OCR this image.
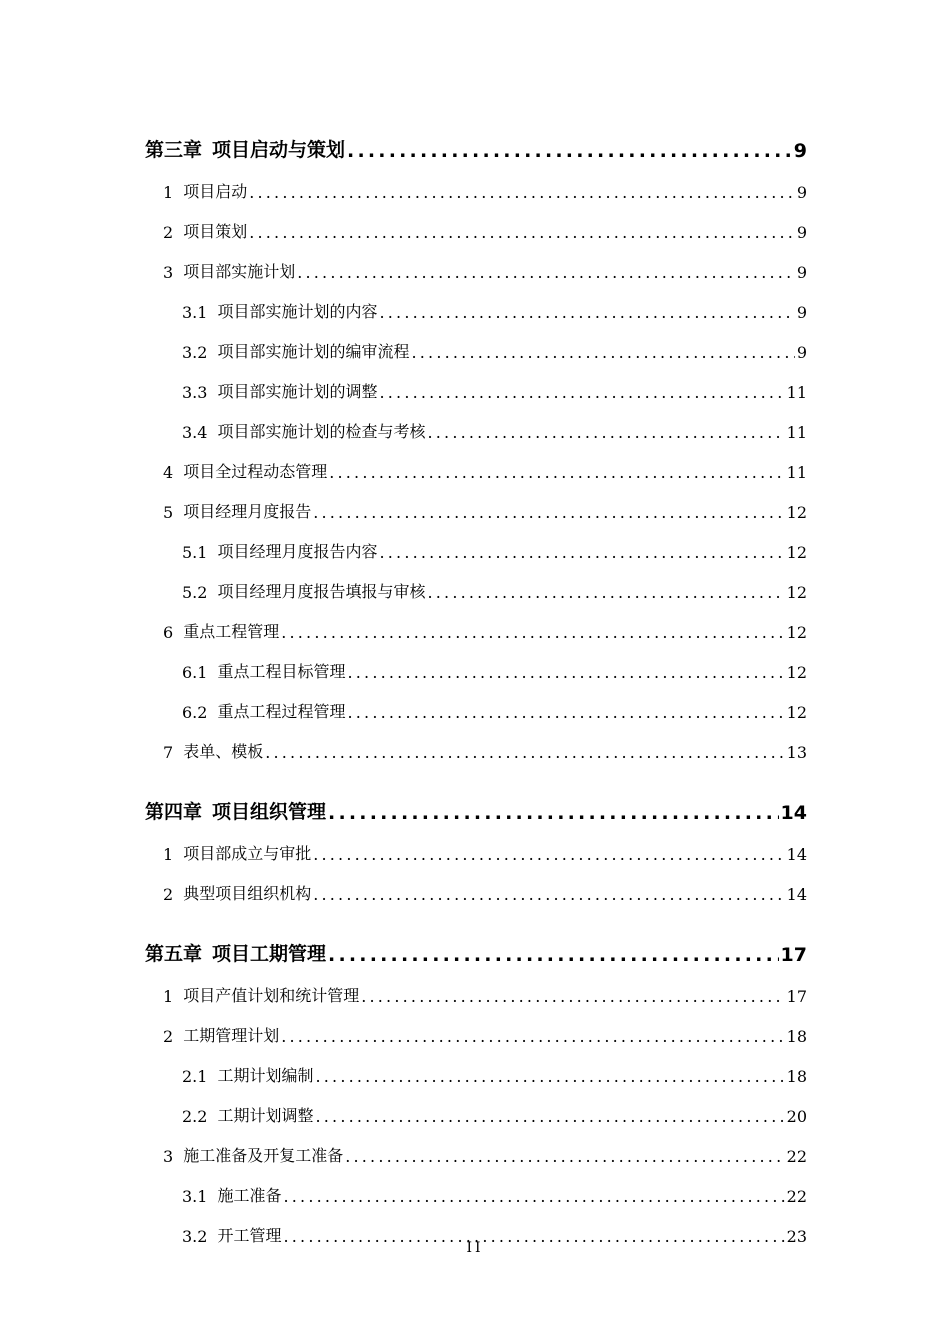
第三章 项目启动与策划 .....	9
1 项目启动 .....	9
2 项目策划 .....	9
3 项目部实施计划 .....	9
3.1 项目部实施计划的内容 .....	9
3.2 项目部实施计划的编审流程 .....	9
3.3 项目部实施计划的调整 .....	11
3.4 项目部实施计划的检查与考核 .....	11
4 项目全过程动态管理 .....	11
5 项目经理月度报告 .....	12
5.1 项目经理月度报告内容 .....	12
5.2 项目经理月度报告填报与审核 .....	12
6 重点工程管理 .....	12
6.1 重点工程目标管理 .....	12
6.2 重点工程过程管理 .....	12
7 表单、模板 .....	13
第四章 项目组织管理 .....	14
1 项目部成立与审批 .....	14
2 典型项目组织机构 .....	14
第五章 项目工期管理 .....	17
1 项目产值计划和统计管理 .....	17
2 工期管理计划 .....	18
2.1 工期计划编制 .....	18
2.2 工期计划调整 .....	20
3 施工准备及开复工准备 .....	22
3.1 施工准备 .....	22
3.2 开工管理 .....	23
II
